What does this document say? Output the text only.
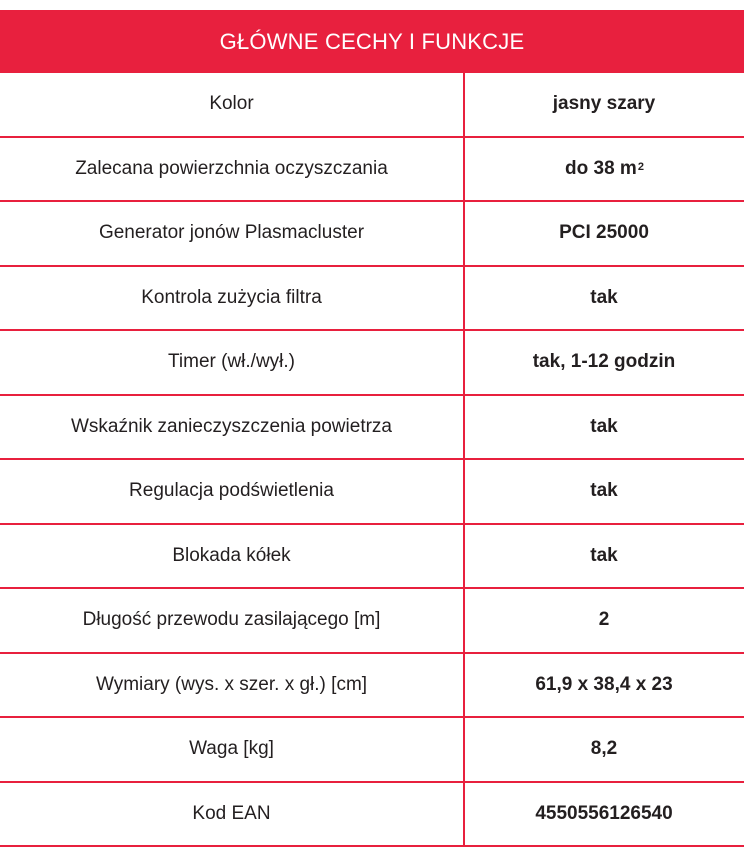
GŁÓWNE CECHY I FUNKCJE
Kolor	jasny szary
Zalecana powierzchnia oczyszczania	do 38 $m^2$
Generator jonów Plasmacluster	PCI 25000
Kontrola zużycia filtra	tak
Timer (wł./wył.)	tak, 1-12 godzin
Wskaźnik zanieczyszczenia powietrza	tak
Regulacja podświetlenia	tak
Blokada kółek	tak
Długość przewodu zasilającego [m]	2
Wymiary (wys. x szer. x gł.) [cm]	61,9 x 38,4 x 23
Waga [kg]	8,2
Kod EAN	4550556126540
